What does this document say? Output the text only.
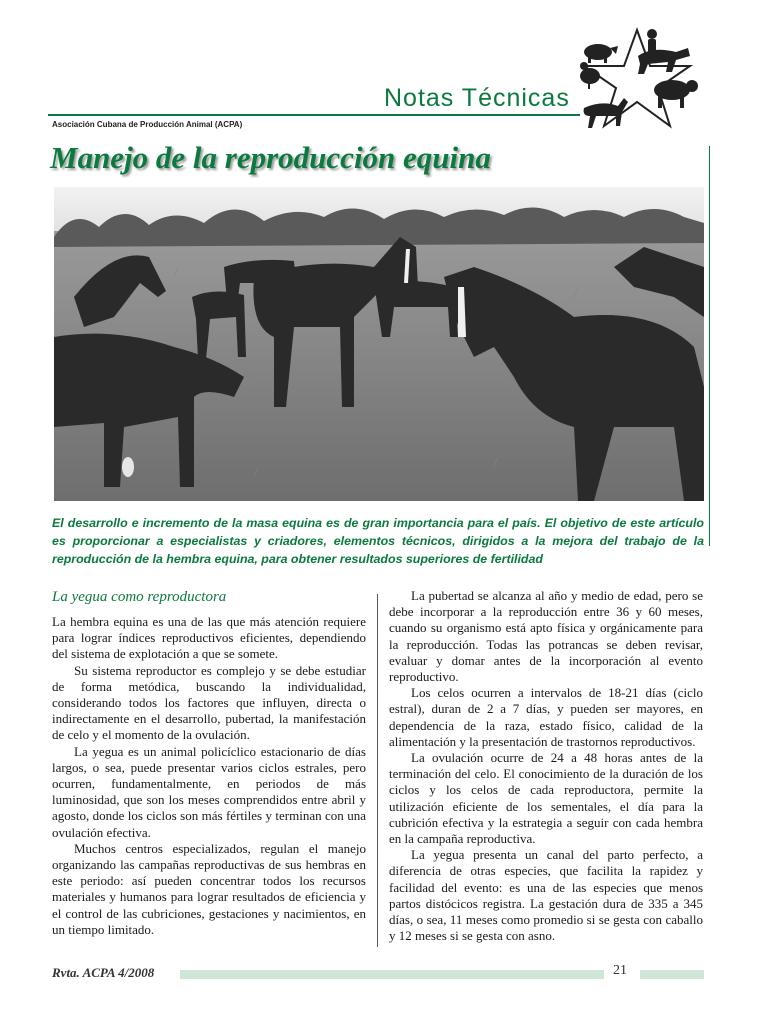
Notas Técnicas
Asociación Cubana de Producción Animal (ACPA)
Manejo de la reproducción equina

El desarrollo e incremento de la masa equina es de gran importancia para el país. El objetivo de este artículo es proporcionar a especialistas y criadores, elementos técnicos, dirigidos a la mejora del trabajo de la reproducción de la hembra equina, para obtener resultados superiores de fertilidad

La yegua como reproductora

La hembra equina es una de las que más atención requiere para lograr índices reproductivos eficientes, dependiendo del sistema de explotación a que se somete.

Su sistema reproductor es complejo y se debe estudiar de forma metódica, buscando la individualidad, considerando todos los factores que influyen, directa o indirectamente en el desarrollo, pubertad, la manifestación de celo y el momento de la ovulación.

La yegua es un animal policíclico estacionario de días largos, o sea, puede presentar varios ciclos estrales, pero ocurren, fundamentalmente, en periodos de más luminosidad, que son los meses comprendidos entre abril y agosto, donde los ciclos son más fértiles y terminan con una ovulación efectiva.

Muchos centros especializados, regulan el manejo organizando las campañas reproductivas de sus hembras en este periodo: así pueden concentrar todos los recursos materiales y humanos para lograr resultados de eficiencia y el control de las cubriciones, gestaciones y nacimientos, en un tiempo limitado.

La pubertad se alcanza al año y medio de edad, pero se debe incorporar a la reproducción entre 36 y 60 meses, cuando su organismo está apto física y orgánicamente para la reproducción. Todas las potrancas se deben revisar, evaluar y domar antes de la incorporación al evento reproductivo.

Los celos ocurren a intervalos de 18-21 días (ciclo estral), duran de 2 a 7 días, y pueden ser mayores, en dependencia de la raza, estado físico, calidad de la alimentación y la presentación de trastornos reproductivos.

La ovulación ocurre de 24 a 48 horas antes de la terminación del celo. El conocimiento de la duración de los ciclos y los celos de cada reproductora, permite la utilización eficiente de los sementales, el día para la cubrición efectiva y la estrategia a seguir con cada hembra en la campaña reproductiva.

La yegua presenta un canal del parto perfecto, a diferencia de otras especies, que facilita la rapidez y facilidad del evento: es una de las especies que menos partos distócicos registra. La gestación dura de 335 a 345 días, o sea, 11 meses como promedio si se gesta con caballo y 12 meses si se gesta con asno.

Rvta. ACPA 4/2008	21
